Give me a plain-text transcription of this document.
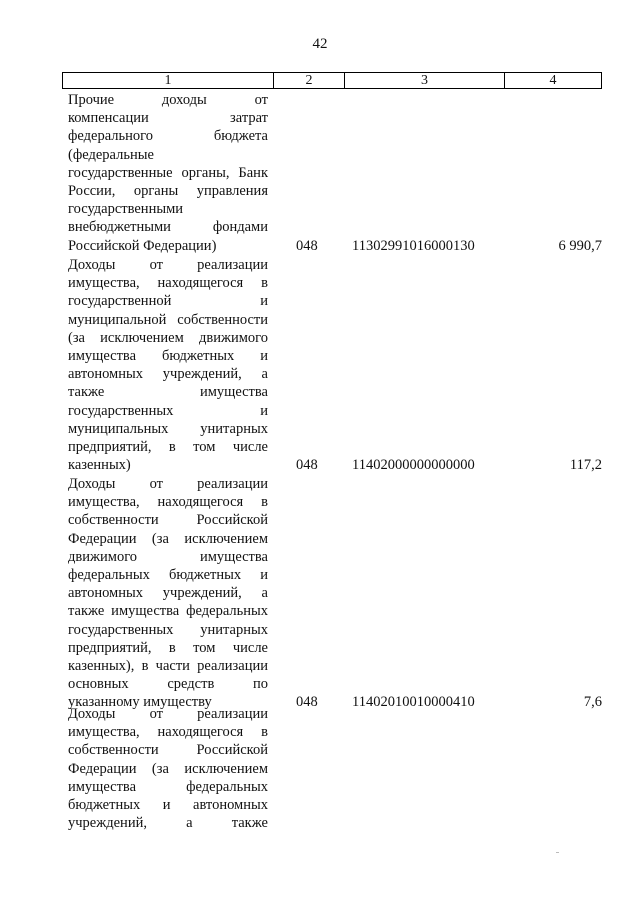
42
1	2	3	4
Прочие доходы от
компенсации затрат
федерального бюджета
(федеральные
государственные органы, Банк
России, органы управления
государственными
внебюджетными фондами
Российской Федерации)	048 11302991016000130	6 990,7
Доходы от реализации
имущества, находящегося в
государственной и
муниципальной собственности
(за исключением движимого
имущества бюджетных и
автономных учреждений, а
также имущества
государственных и
муниципальных унитарных
предприятий, в том числе
казенных)	048 11402000000000000	117,2
Доходы от реализации
имущества, находящегося в
собственности Российской
Федерации (за исключением
движимого имущества
федеральных бюджетных и
автономных учреждений, а
также имущества федеральных
государственных унитарных
предприятий, в том числе
казенных), в части реализации
основных средств по
указанному имуществу	048 11402010010000410	7,6
Доходы от реализации
имущества, находящегося в
собственности Российской
Федерации (за исключением
имущества федеральных
бюджетных и автономных
учреждений, а также
